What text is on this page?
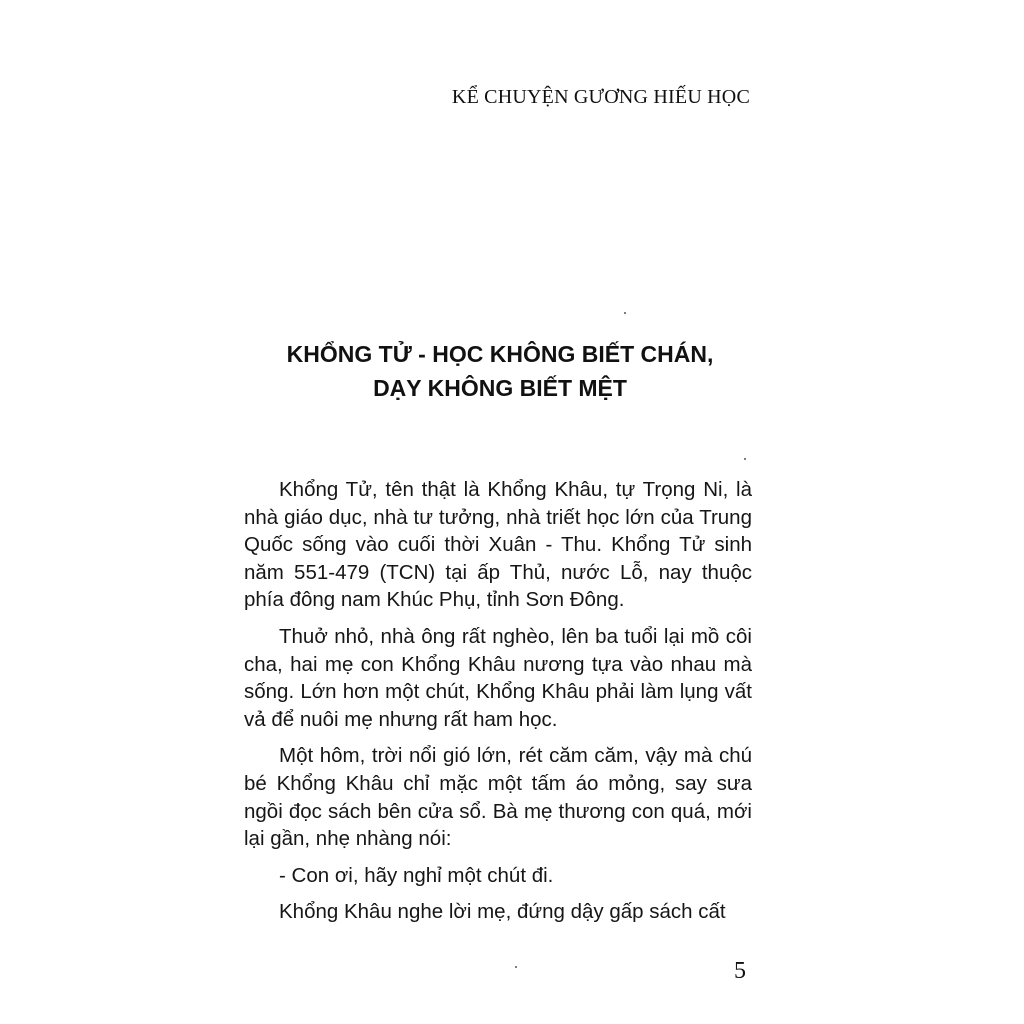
KỂ CHUYỆN GƯƠNG HIẾU HỌC
KHỔNG TỬ - HỌC KHÔNG BIẾT CHÁN,
DẠY KHÔNG BIẾT MỆT

Khổng Tử, tên thật là Khổng Khâu, tự Trọng Ni, là nhà giáo dục, nhà tư tưởng, nhà triết học lớn của Trung Quốc sống vào cuối thời Xuân - Thu. Khổng Tử sinh năm 551-479 (TCN) tại ấp Thủ, nước Lỗ, nay thuộc phía đông nam Khúc Phụ, tỉnh Sơn Đông.

Thuở nhỏ, nhà ông rất nghèo, lên ba tuổi lại mồ côi cha, hai mẹ con Khổng Khâu nương tựa vào nhau mà sống. Lớn hơn một chút, Khổng Khâu phải làm lụng vất vả để nuôi mẹ nhưng rất ham học.

Một hôm, trời nổi gió lớn, rét căm căm, vậy mà chú bé Khổng Khâu chỉ mặc một tấm áo mỏng, say sưa ngồi đọc sách bên cửa sổ. Bà mẹ thương con quá, mới lại gần, nhẹ nhàng nói:

- Con ơi, hãy nghỉ một chút đi.

Khổng Khâu nghe lời mẹ, đứng dậy gấp sách cất

5
